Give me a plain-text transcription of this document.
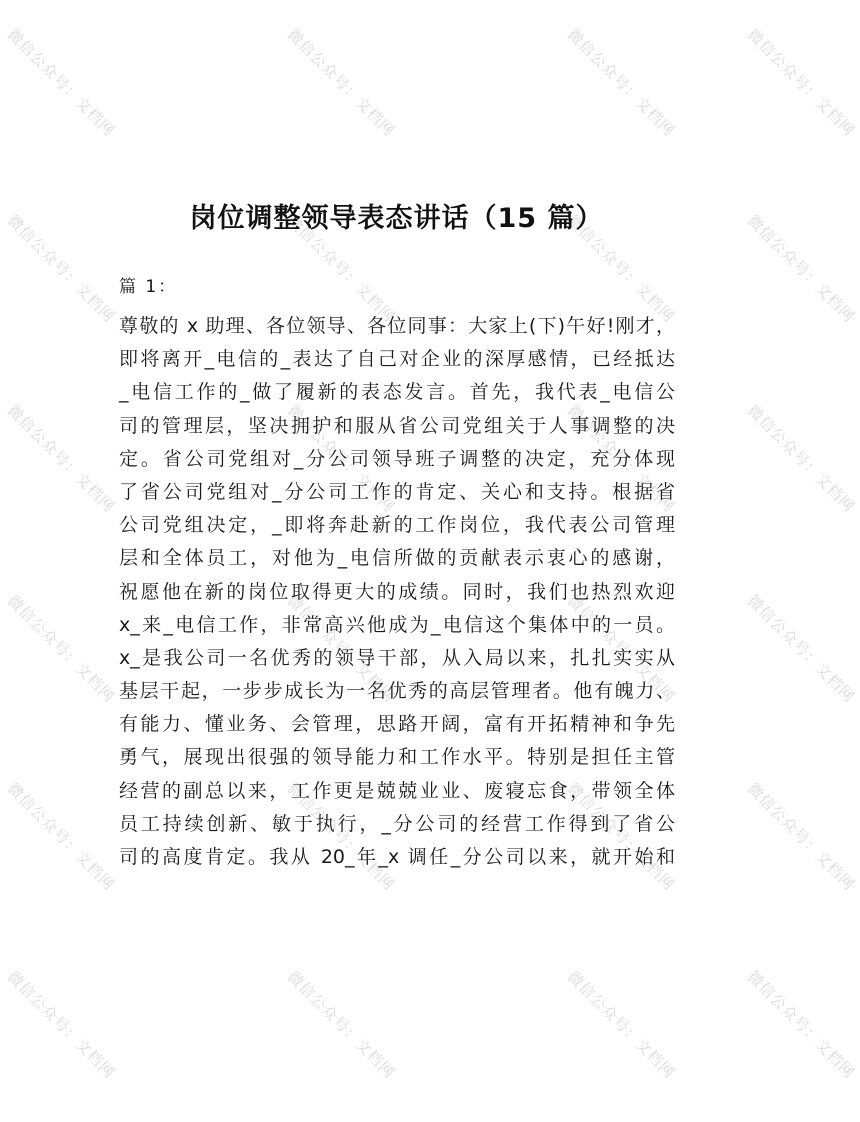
微信公众号：文档网	微信公众号：文档网	微信公众号：文档网	微信公众号：文档网
微信公众号：文档网	微信公众号：文档网	微信公众号：文档网	微信公众号：文档网
微信公众号：文档网	微信公众号：文档网	微信公众号：文档网	微信公众号：文档网
微信公众号：文档网	微信公众号：文档网	微信公众号：文档网	微信公众号：文档网
微信公众号：文档网	微信公众号：文档网	微信公众号：文档网	微信公众号：文档网
微信公众号：文档网	微信公众号：文档网	微信公众号：文档网	微信公众号：文档网
岗位调整领导表态讲话（15 篇）
篇 1：
尊敬的 x 助理、各位领导、各位同事：大家上(下)午好!刚才，
即将离开_电信的_表达了自己对企业的深厚感情，已经抵达
_电信工作的_做了履新的表态发言。首先，我代表_电信公
司的管理层，坚决拥护和服从省公司党组关于人事调整的决
定。省公司党组对_分公司领导班子调整的决定，充分体现
了省公司党组对_分公司工作的肯定、关心和支持。根据省
公司党组决定，_即将奔赴新的工作岗位，我代表公司管理
层和全体员工，对他为_电信所做的贡献表示衷心的感谢，
祝愿他在新的岗位取得更大的成绩。同时，我们也热烈欢迎
x_来_电信工作，非常高兴他成为_电信这个集体中的一员。
x_是我公司一名优秀的领导干部，从入局以来，扎扎实实从
基层干起，一步步成长为一名优秀的高层管理者。他有魄力、
有能力、懂业务、会管理，思路开阔，富有开拓精神和争先
勇气，展现出很强的领导能力和工作水平。特别是担任主管
经营的副总以来，工作更是兢兢业业、废寝忘食，带领全体
员工持续创新、敏于执行，_分公司的经营工作得到了省公
司的高度肯定。我从 20_年_x 调任_分公司以来，就开始和
